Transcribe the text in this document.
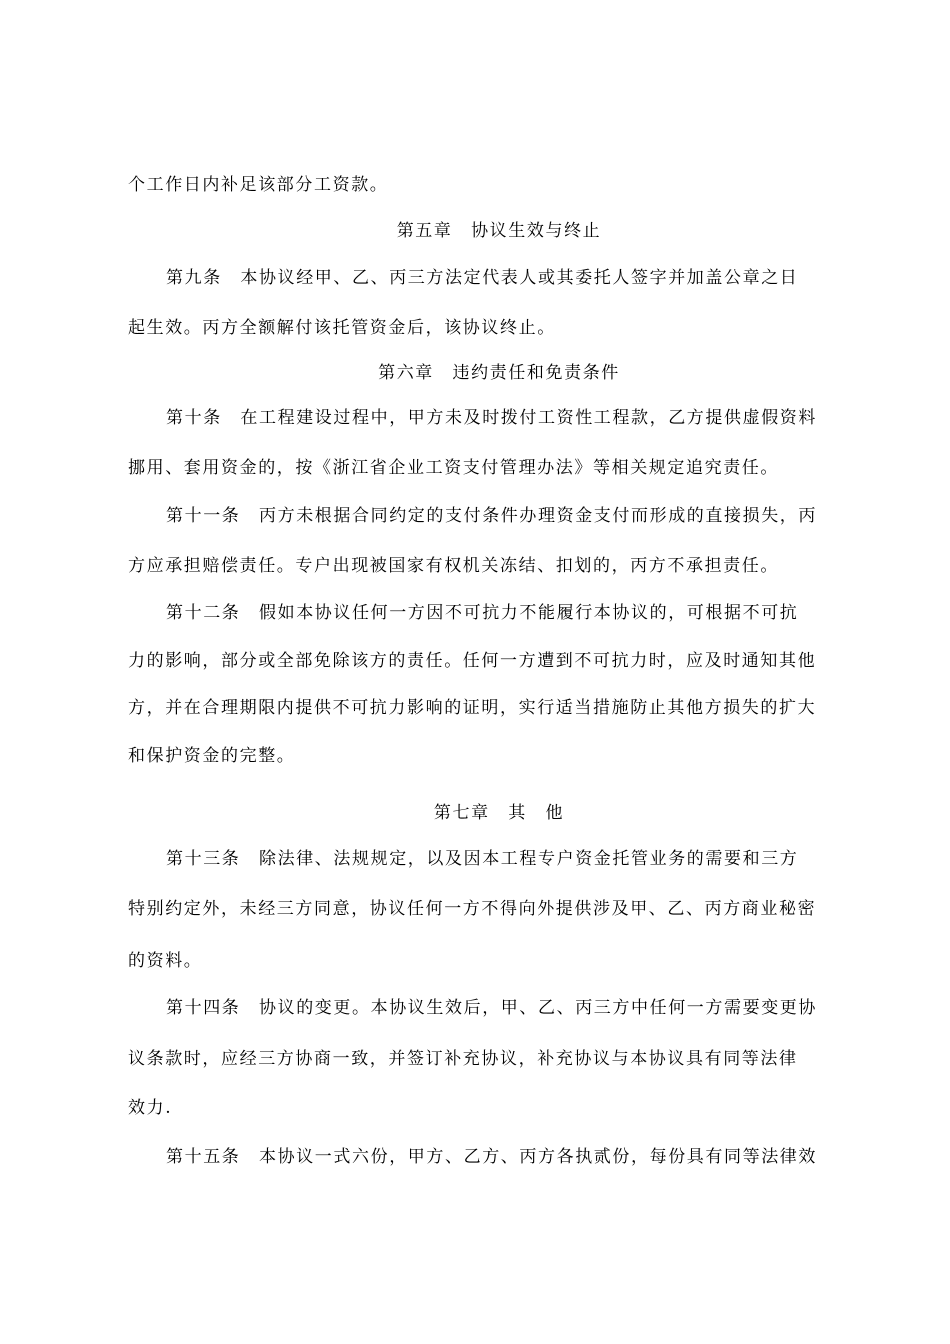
个工作日内补足该部分工资款。
第五章　协议生效与终止
第九条　本协议经甲、乙、丙三方法定代表人或其委托人签字并加盖公章之日
起生效。丙方全额解付该托管资金后，该协议终止。
第六章　违约责任和免责条件
第十条　在工程建设过程中，甲方未及时拨付工资性工程款，乙方提供虚假资料
挪用、套用资金的，按《浙江省企业工资支付管理办法》等相关规定追究责任。
第十一条　丙方未根据合同约定的支付条件办理资金支付而形成的直接损失，丙
方应承担赔偿责任。专户出现被国家有权机关冻结、扣划的，丙方不承担责任。
第十二条　假如本协议任何一方因不可抗力不能履行本协议的，可根据不可抗
力的影响，部分或全部免除该方的责任。任何一方遭到不可抗力时，应及时通知其他
方，并在合理期限内提供不可抗力影响的证明，实行适当措施防止其他方损失的扩大
和保护资金的完整。
第七章　其　他
第十三条　除法律、法规规定，以及因本工程专户资金托管业务的需要和三方
特别约定外，未经三方同意，协议任何一方不得向外提供涉及甲、乙、丙方商业秘密
的资料。
第十四条　协议的变更。本协议生效后，甲、乙、丙三方中任何一方需要变更协
议条款时，应经三方协商一致，并签订补充协议，补充协议与本协议具有同等法律
效力.
第十五条　本协议一式六份，甲方、乙方、丙方各执贰份，每份具有同等法律效
